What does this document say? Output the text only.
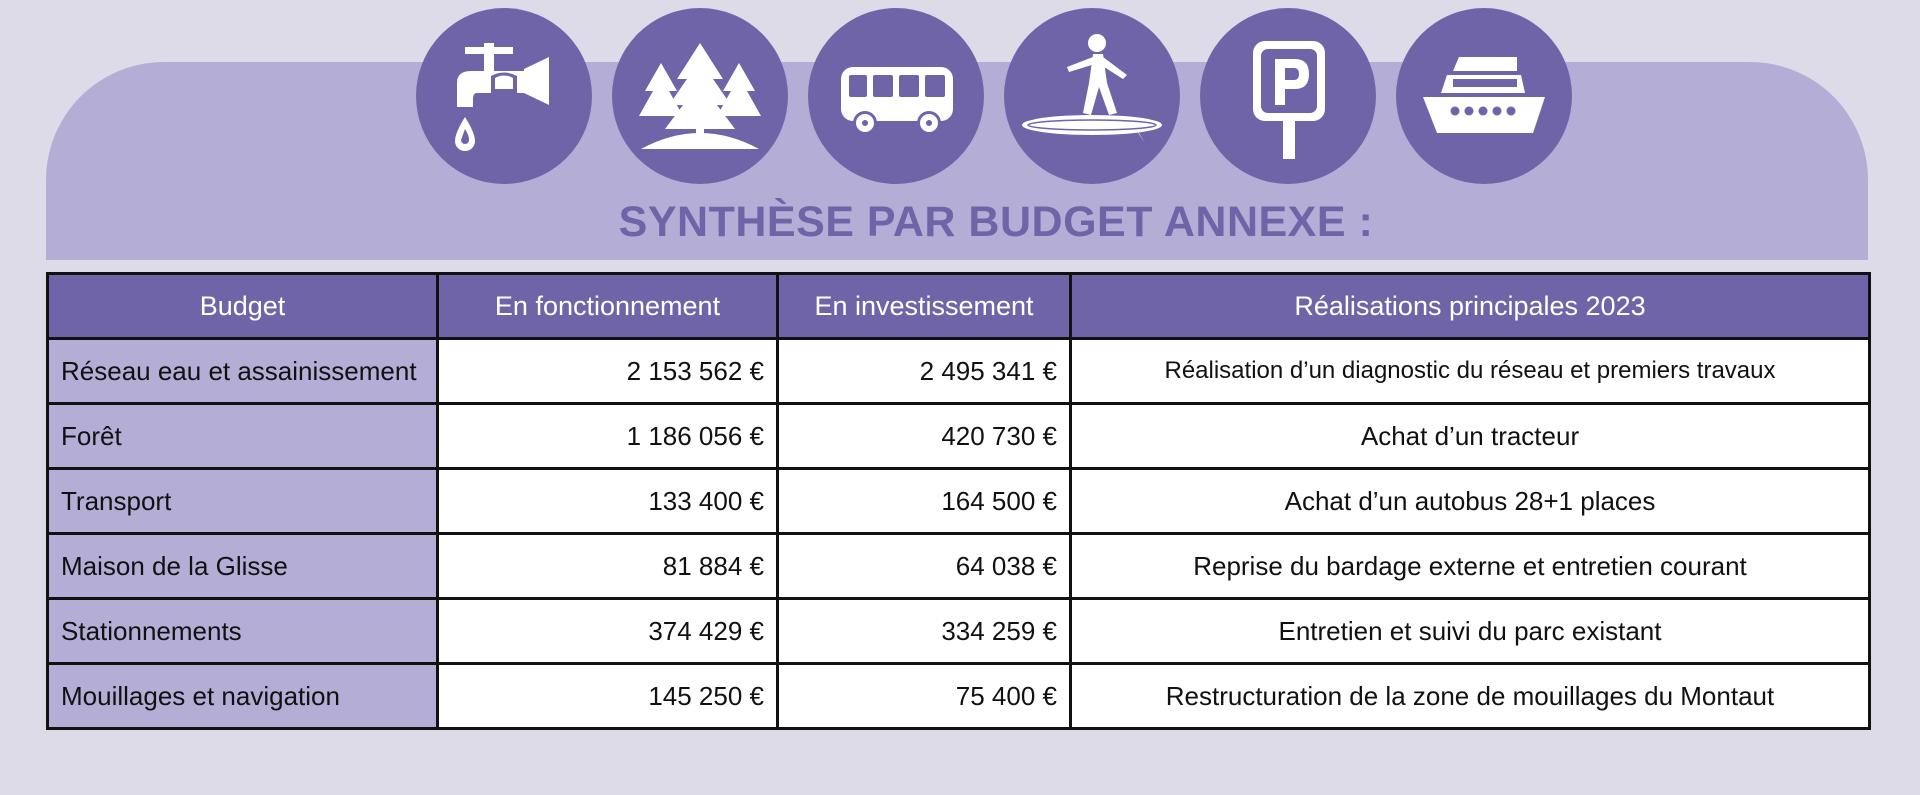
SYNTHÈSE PAR BUDGET ANNEXE :
Budget	En fonctionnement	En investissement	Réalisations principales 2023
Réseau eau et assainissement	2 153 562 €	2 495 341 €	Réalisation d’un diagnostic du réseau et premiers travaux
Forêt	1 186 056 €	420 730 €	Achat d’un tracteur
Transport	133 400 €	164 500 €	Achat d’un autobus 28+1 places
Maison de la Glisse	81 884 €	64 038 €	Reprise du bardage externe et entretien courant
Stationnements	374 429 €	334 259 €	Entretien et suivi du parc existant
Mouillages et navigation	145 250 €	75 400 €	Restructuration de la zone de mouillages du Montaut
